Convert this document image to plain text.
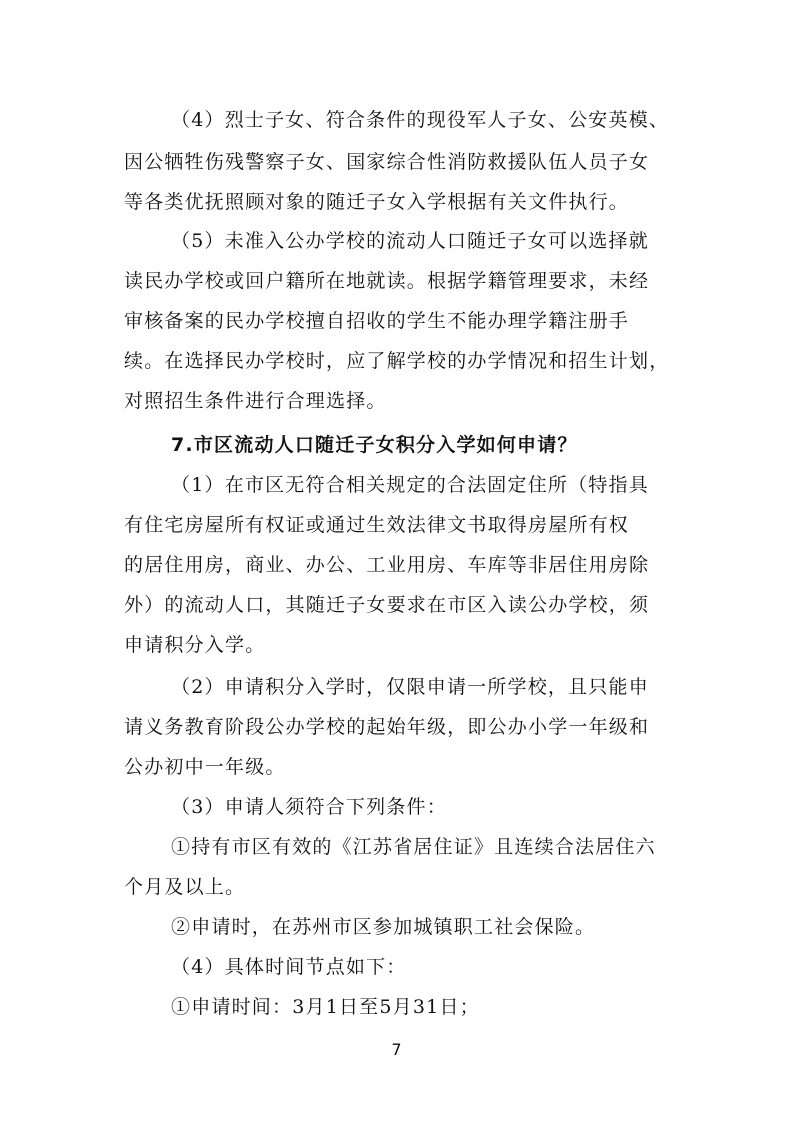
（4）烈士子女、符合条件的现役军人子女、公安英模、
因公牺牲伤残警察子女、国家综合性消防救援队伍人员子女
等各类优抚照顾对象的随迁子女入学根据有关文件执行。
（5）未准入公办学校的流动人口随迁子女可以选择就
读民办学校或回户籍所在地就读。根据学籍管理要求，未经
审核备案的民办学校擅自招收的学生不能办理学籍注册手
续。在选择民办学校时，应了解学校的办学情况和招生计划，
对照招生条件进行合理选择。
7.市区流动人口随迁子女积分入学如何申请？
（1）在市区无符合相关规定的合法固定住所（特指具
有住宅房屋所有权证或通过生效法律文书取得房屋所有权
的居住用房，商业、办公、工业用房、车库等非居住用房除
外）的流动人口，其随迁子女要求在市区入读公办学校，须
申请积分入学。
（2）申请积分入学时，仅限申请一所学校，且只能申
请义务教育阶段公办学校的起始年级，即公办小学一年级和
公办初中一年级。
（3）申请人须符合下列条件：
①持有市区有效的《江苏省居住证》且连续合法居住六
个月及以上。
②申请时，在苏州市区参加城镇职工社会保险。
（4）具体时间节点如下：
①申请时间：3月1日至5月31日；
7
